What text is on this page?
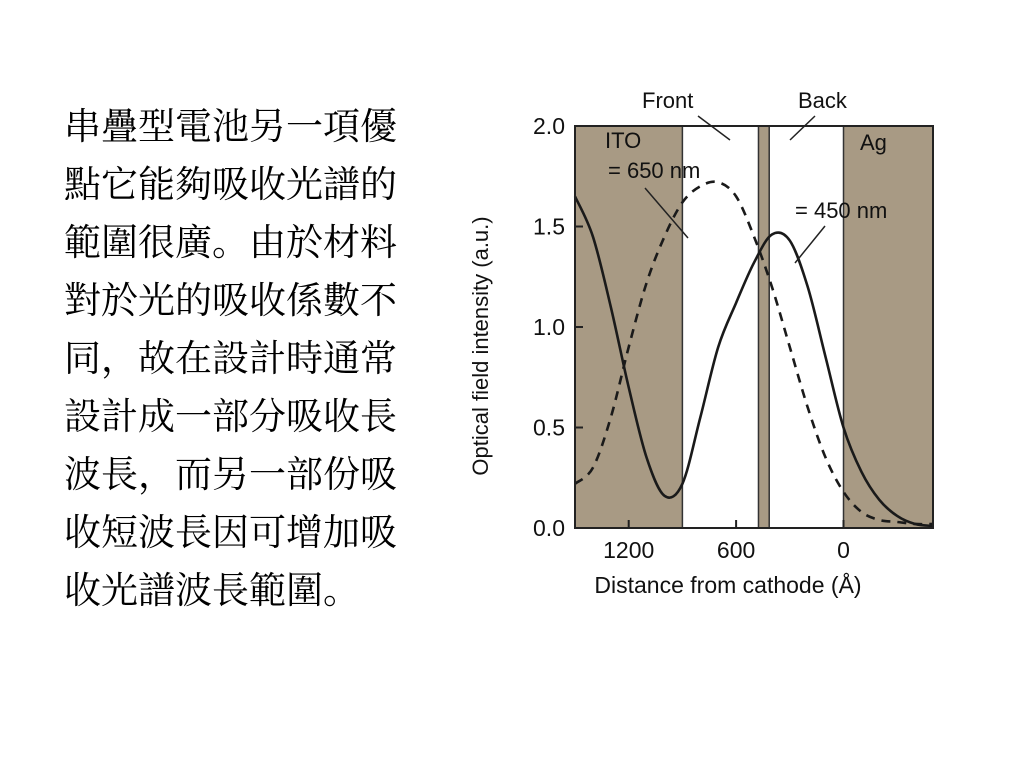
串疊型電池另一項優
點它能夠吸收光譜的
範圍很廣。由於材料
對於光的吸收係數不
同，故在設計時通常
設計成一部分吸收長
波長，而另一部份吸
收短波長因可增加吸
收光譜波長範圍。
0.0
0.5
1.0
1.5
2.0
1200	600	0
ITO
= 650 nm
= 450 nm
Ag
Front	Back
Optical field intensity (a.u.)
Distance from cathode (Å)
